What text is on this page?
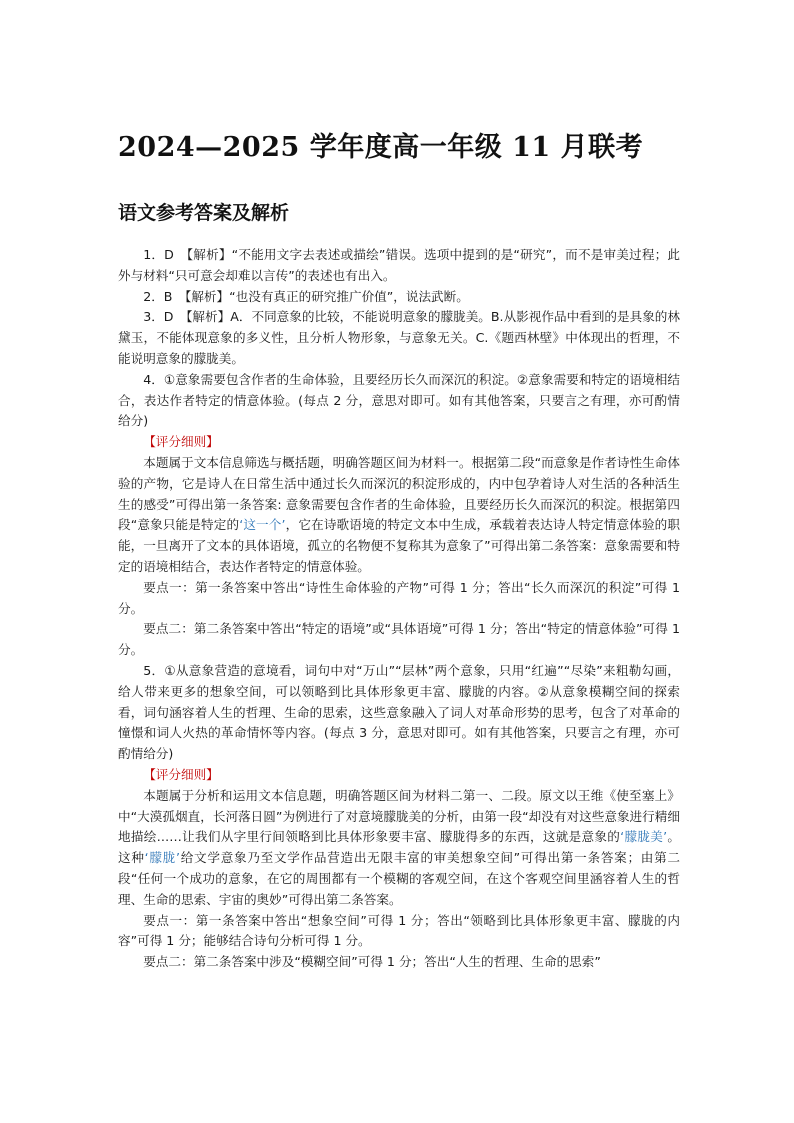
2024—2025 学年度高一年级 11 月联考
语文参考答案及解析

1．D　【解析】“不能用文字去表述或描绘”错误。选项中提到的是“研究”，而不是审美过程；此外与材料“只可意会却难以言传”的表述也有出入。

2．B　【解析】“也没有真正的研究推广价值”，说法武断。

3．D　【解析】A．不同意象的比较，不能说明意象的朦胧美。B.从影视作品中看到的是具象的林黛玉，不能体现意象的多义性，且分析人物形象，与意象无关。C.《题西林壁》中体现出的哲理，不能说明意象的朦胧美。

4．①意象需要包含作者的生命体验，且要经历长久而深沉的积淀。②意象需要和特定的语境相结合，表达作者特定的情意体验。(每点 2 分，意思对即可。如有其他答案，只要言之有理，亦可酌情给分)

【评分细则】

本题属于文本信息筛选与概括题，明确答题区间为材料一。根据第二段“而意象是作者诗性生命体验的产物，它是诗人在日常生活中通过长久而深沉的积淀形成的，内中包孕着诗人对生活的各种活生生的感受”可得出第一条答案: 意象需要包含作者的生命体验，且要经历长久而深沉的积淀。根据第四段“意象只能是特定的‘这一个’，它在诗歌语境的特定文本中生成，承载着表达诗人特定情意体验的职能，一旦离开了文本的具体语境，孤立的名物便不复称其为意象了”可得出第二条答案：意象需要和特定的语境相结合，表达作者特定的情意体验。

要点一：第一条答案中答出“诗性生命体验的产物”可得 1 分；答出“长久而深沉的积淀”可得 1 分。

要点二：第二条答案中答出“特定的语境”或“具体语境”可得 1 分；答出“特定的情意体验”可得 1 分。

5．①从意象营造的意境看，词句中对“万山”“层林”两个意象，只用“红遍”“尽染”来粗勒勾画，给人带来更多的想象空间，可以领略到比具体形象更丰富、朦胧的内容。②从意象模糊空间的探索看，词句涵容着人生的哲理、生命的思索，这些意象融入了词人对革命形势的思考，包含了对革命的憧憬和词人火热的革命情怀等内容。(每点 3 分，意思对即可。如有其他答案，只要言之有理，亦可酌情给分)

【评分细则】

本题属于分析和运用文本信息题，明确答题区间为材料二第一、二段。原文以王维《使至塞上》中“大漠孤烟直，长河落日圆”为例进行了对意境朦胧美的分析，由第一段“却没有对这些意象进行精细地描绘……让我们从字里行间领略到比具体形象要丰富、朦胧得多的东西，这就是意象的‘朦胧美’。这种‘朦胧’给文学意象乃至文学作品营造出无限丰富的审美想象空间”可得出第一条答案；由第二段“任何一个成功的意象，在它的周围都有一个模糊的客观空间，在这个客观空间里涵容着人生的哲理、生命的思索、宇宙的奥妙”可得出第二条答案。

要点一：第一条答案中答出“想象空间”可得 1 分；答出“领略到比具体形象更丰富、朦胧的内容”可得 1 分；能够结合诗句分析可得 1 分。

要点二：第二条答案中涉及“模糊空间”可得 1 分；答出“人生的哲理、生命的思索”
